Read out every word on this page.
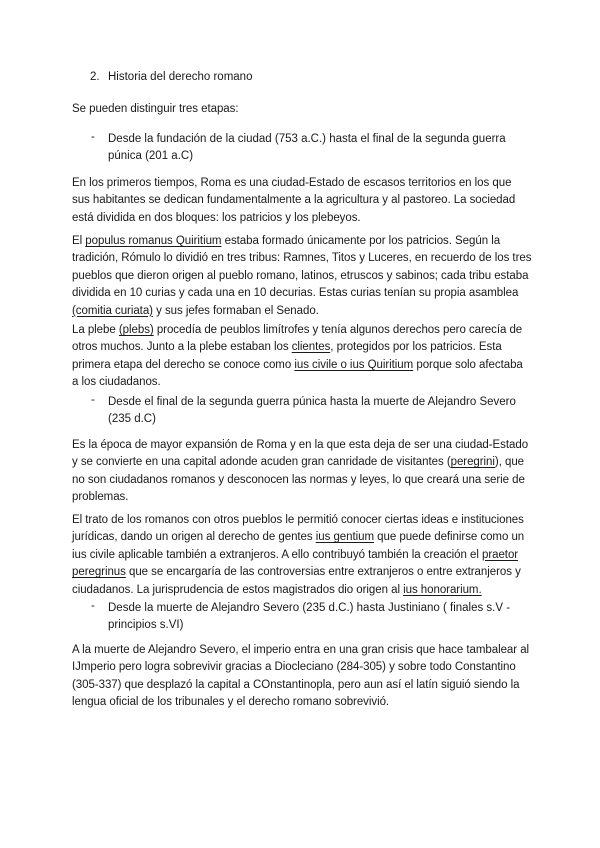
2. Historia del derecho romano
Se pueden distinguir tres etapas:
- Desde la fundación de la ciudad (753 a.C.) hasta el final de la segunda guerra púnica (201 a.C)
En los primeros tiempos, Roma es una ciudad-Estado de escasos territorios en los que sus habitantes se dedican fundamentalmente a la agricultura y al pastoreo. La sociedad está dividida en dos bloques: los patricios y los plebeyos.
El populus romanus Quiritium estaba formado únicamente por los patricios. Según la tradición, Rómulo lo dividió en tres tribus: Ramnes, Titos y Luceres, en recuerdo de los tres pueblos que dieron origen al pueblo romano, latinos, etruscos y sabinos; cada tribu estaba dividida en 10 curias y cada una en 10 decurias. Estas curias tenían su propia asamblea (comitia curiata) y sus jefes formaban el Senado.
La plebe (plebs) procedía de peublos limítrofes y tenía algunos derechos pero carecía de otros muchos. Junto a la plebe estaban los clientes, protegidos por los patricios. Esta primera etapa del derecho se conoce como ius civile o ius Quiritium porque solo afectaba a los ciudadanos.
- Desde el final de la segunda guerra púnica hasta la muerte de Alejandro Severo (235 d.C)
Es la época de mayor expansión de Roma y en la que esta deja de ser una ciudad-Estado y se convierte en una capital adonde acuden gran canridade de visitantes (peregrini), que no son ciudadanos romanos y desconocen las normas y leyes, lo que creará una serie de problemas.
El trato de los romanos con otros pueblos le permitió conocer ciertas ideas e instituciones jurídicas, dando un origen al derecho de gentes ius gentium que puede definirse como un ius civile aplicable también a extranjeros. A ello contribuyó también la creación el praetor peregrinus que se encargaría de las controversias entre extranjeros o entre extranjeros y ciudadanos. La jurisprudencia de estos magistrados dio origen al ius honorarium.
- Desde la muerte de Alejandro Severo (235 d.C.) hasta Justiniano ( finales s.V - principios s.VI)
A la muerte de Alejandro Severo, el imperio entra en una gran crisis que hace tambalear al IJmperio pero logra sobrevivir gracias a Diocleciano (284-305) y sobre todo Constantino (305-337) que desplazó la capital a COnstantinopla, pero aun así el latín siguió siendo la lengua oficial de los tribunales y el derecho romano sobrevivió.
